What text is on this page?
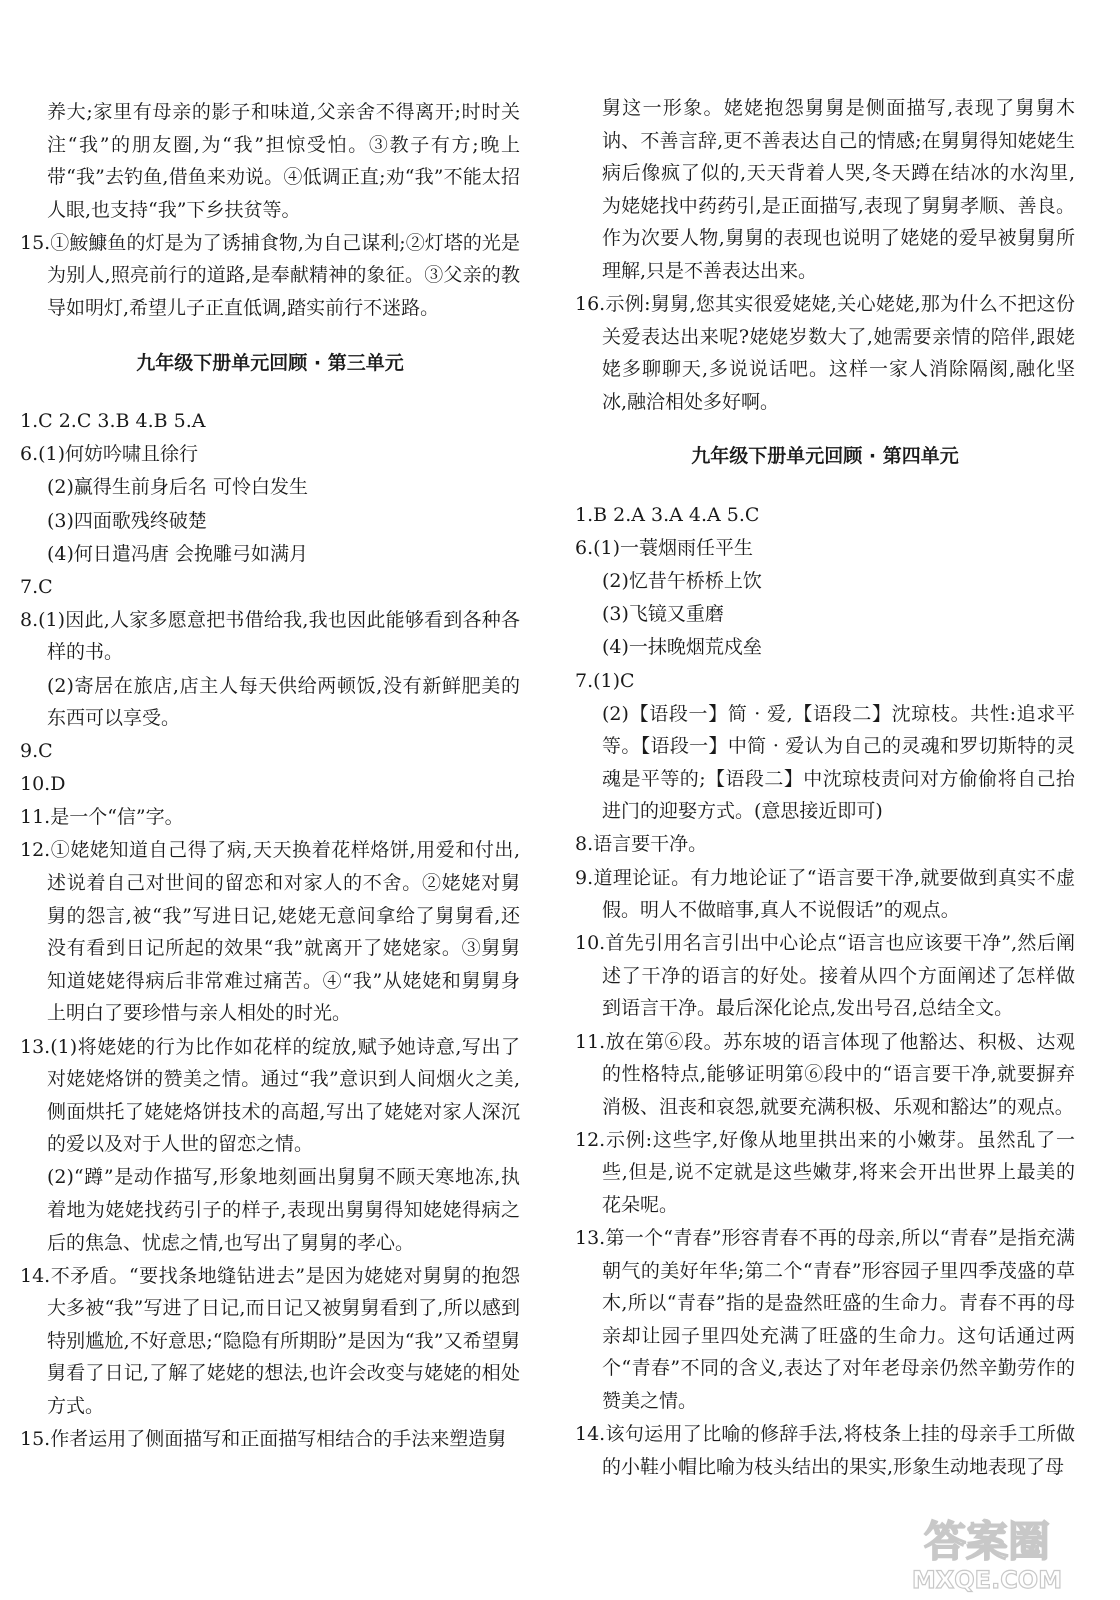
养大;家里有母亲的影子和味道,父亲舍不得离开;时时关注“我”的朋友圈,为“我”担惊受怕。③教子有方;晚上带“我”去钓鱼,借鱼来劝说。④低调正直;劝“我”不能太招人眼,也支持“我”下乡扶贫等。
15.①鮟鱇鱼的灯是为了诱捕食物,为自己谋利;②灯塔的光是为别人,照亮前行的道路,是奉献精神的象征。③父亲的教导如明灯,希望儿子正直低调,踏实前行不迷路。
九年级下册单元回顾 · 第三单元
1.C 2.C 3.B 4.B 5.A
6.(1)何妨吟啸且徐行
(2)赢得生前身后名 可怜白发生
(3)四面歌残终破楚
(4)何日遣冯唐 会挽雕弓如满月
7.C
8.(1)因此,人家多愿意把书借给我,我也因此能够看到各种各样的书。
(2)寄居在旅店,店主人每天供给两顿饭,没有新鲜肥美的东西可以享受。
9.C
10.D
11.是一个“信”字。
12.①姥姥知道自己得了病,天天换着花样烙饼,用爱和付出,述说着自己对世间的留恋和对家人的不舍。②姥姥对舅舅的怨言,被“我”写进日记,姥姥无意间拿给了舅舅看,还没有看到日记所起的效果“我”就离开了姥姥家。③舅舅知道姥姥得病后非常难过痛苦。④“我”从姥姥和舅舅身上明白了要珍惜与亲人相处的时光。
13.(1)将姥姥的行为比作如花样的绽放,赋予她诗意,写出了对姥姥烙饼的赞美之情。通过“我”意识到人间烟火之美,侧面烘托了姥姥烙饼技术的高超,写出了姥姥对家人深沉的爱以及对于人世的留恋之情。
(2)“蹲”是动作描写,形象地刻画出舅舅不顾天寒地冻,执着地为姥姥找药引子的样子,表现出舅舅得知姥姥得病之后的焦急、忧虑之情,也写出了舅舅的孝心。
14.不矛盾。“要找条地缝钻进去”是因为姥姥对舅舅的抱怨大多被“我”写进了日记,而日记又被舅舅看到了,所以感到特别尴尬,不好意思;“隐隐有所期盼”是因为“我”又希望舅舅看了日记,了解了姥姥的想法,也许会改变与姥姥的相处方式。
15.作者运用了侧面描写和正面描写相结合的手法来塑造舅
舅这一形象。姥姥抱怨舅舅是侧面描写,表现了舅舅木讷、不善言辞,更不善表达自己的情感;在舅舅得知姥姥生病后像疯了似的,天天背着人哭,冬天蹲在结冰的水沟里,为姥姥找中药药引,是正面描写,表现了舅舅孝顺、善良。作为次要人物,舅舅的表现也说明了姥姥的爱早被舅舅所理解,只是不善表达出来。
16.示例:舅舅,您其实很爱姥姥,关心姥姥,那为什么不把这份关爱表达出来呢?姥姥岁数大了,她需要亲情的陪伴,跟姥姥多聊聊天,多说说话吧。这样一家人消除隔阂,融化坚冰,融洽相处多好啊。
九年级下册单元回顾 · 第四单元
1.B 2.A 3.A 4.A 5.C
6.(1)一蓑烟雨任平生
(2)忆昔午桥桥上饮
(3)飞镜又重磨
(4)一抹晚烟荒戍垒
7.(1)C
(2)【语段一】简 · 爱,【语段二】沈琼枝。共性:追求平等。【语段一】中简 · 爱认为自己的灵魂和罗切斯特的灵魂是平等的;【语段二】中沈琼枝责问对方偷偷将自己抬进门的迎娶方式。(意思接近即可)
8.语言要干净。
9.道理论证。有力地论证了“语言要干净,就要做到真实不虚假。明人不做暗事,真人不说假话”的观点。
10.首先引用名言引出中心论点“语言也应该要干净”,然后阐述了干净的语言的好处。接着从四个方面阐述了怎样做到语言干净。最后深化论点,发出号召,总结全文。
11.放在第⑥段。苏东坡的语言体现了他豁达、积极、达观的性格特点,能够证明第⑥段中的“语言要干净,就要摒弃消极、沮丧和哀怨,就要充满积极、乐观和豁达”的观点。
12.示例:这些字,好像从地里拱出来的小嫩芽。虽然乱了一些,但是,说不定就是这些嫩芽,将来会开出世界上最美的花朵呢。
13.第一个“青春”形容青春不再的母亲,所以“青春”是指充满朝气的美好年华;第二个“青春”形容园子里四季茂盛的草木,所以“青春”指的是盎然旺盛的生命力。青春不再的母亲却让园子里四处充满了旺盛的生命力。这句话通过两个“青春”不同的含义,表达了对年老母亲仍然辛勤劳作的赞美之情。
14.该句运用了比喻的修辞手法,将枝条上挂的母亲手工所做的小鞋小帽比喻为枝头结出的果实,形象生动地表现了母
答案圈
MXQE.COM
